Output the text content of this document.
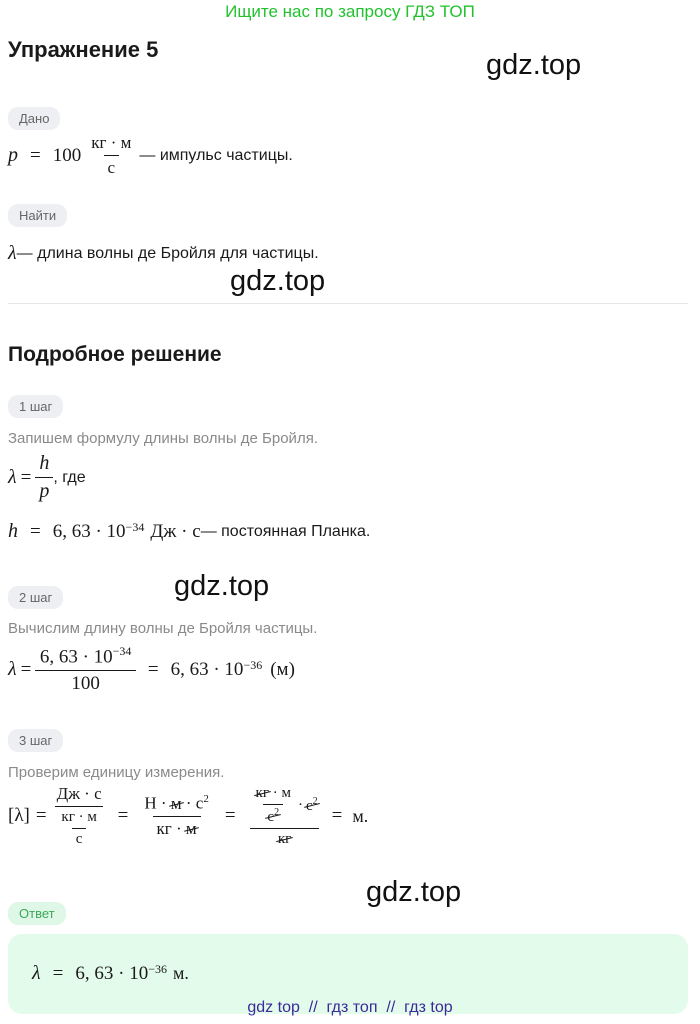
Ищите нас по запросу ГДЗ ТОП
Упражнение 5	gdz.top
gdz.top
gdz.top
gdz.top
Дано
$p = 100 \frac{кг \cdot м}{с}$ — импульс частицы.
Найти
λ — длина волны де Бройля для частицы.
Подробное решение
1 шаг
Запишем формулу длины волны де Бройля.
$\lambda = \frac{h}{p}$ , где
h = 6, $63 \cdot 10^{-34}$ Дж · с — постоянная Планка.
2 шаг
Вычислим длину волны де Бройля частицы.
$\lambda = \frac{6, 63 \cdot 10^{-34}}{100} = 6$, $63 \cdot 10^{-36}$ (м)
3 шаг
Проверим единицу измерения.
$[\lambda] = \frac{Дж \cdot с}{\frac{кг \cdot м}{с}} = \frac{Н \cdot м \cdot с^2}{кг \cdot м} = \frac{\frac{кг \cdot м}{с^2} \cdot с^2}{кг} = м$.
Ответ
λ = 6, $63 \cdot 10^{-36}$ м.
gdz top  //  гдз топ  //  гдз top
